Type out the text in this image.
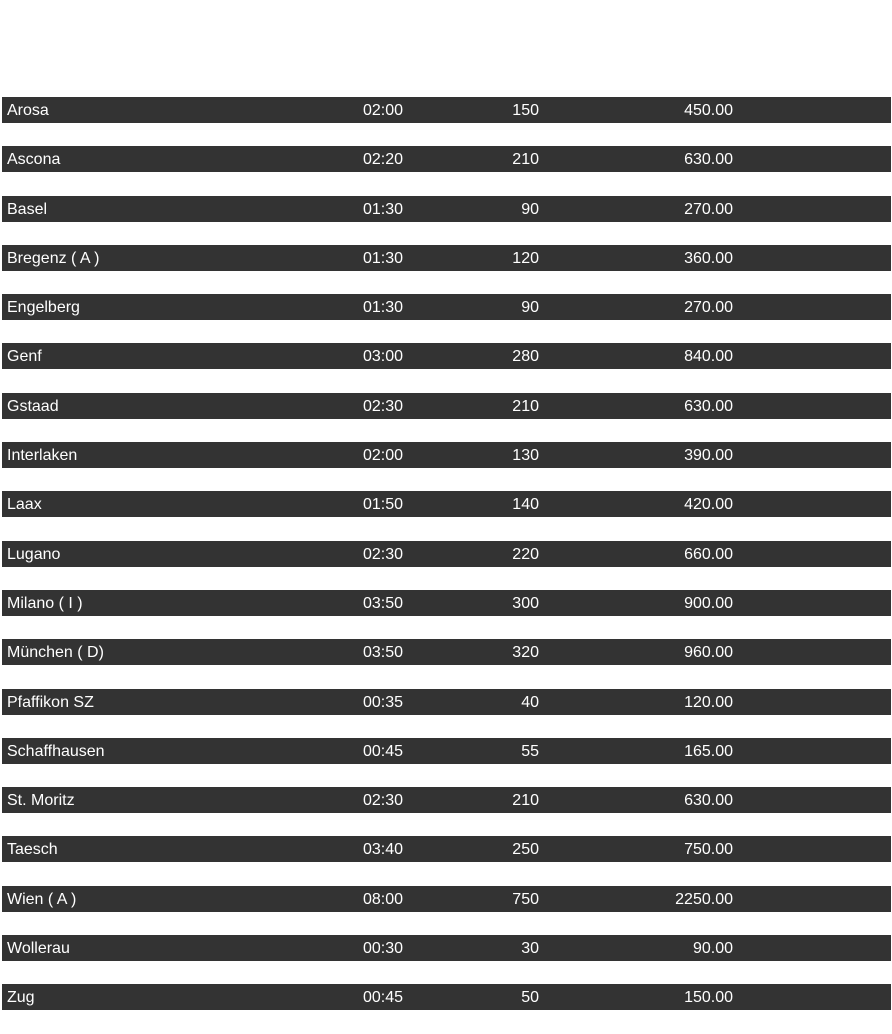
Arosa	02:00	150	450.00
Ascona	02:20	210	630.00
Basel	01:30	90	270.00
Bregenz ( A )	01:30	120	360.00
Engelberg	01:30	90	270.00
Genf	03:00	280	840.00
Gstaad	02:30	210	630.00
Interlaken	02:00	130	390.00
Laax	01:50	140	420.00
Lugano	02:30	220	660.00
Milano ( I )	03:50	300	900.00
München ( D)	03:50	320	960.00
Pfaffikon SZ	00:35	40	120.00
Schaffhausen	00:45	55	165.00
St. Moritz	02:30	210	630.00
Taesch	03:40	250	750.00
Wien ( A )	08:00	750	2250.00
Wollerau	00:30	30	90.00
Zug	00:45	50	150.00
